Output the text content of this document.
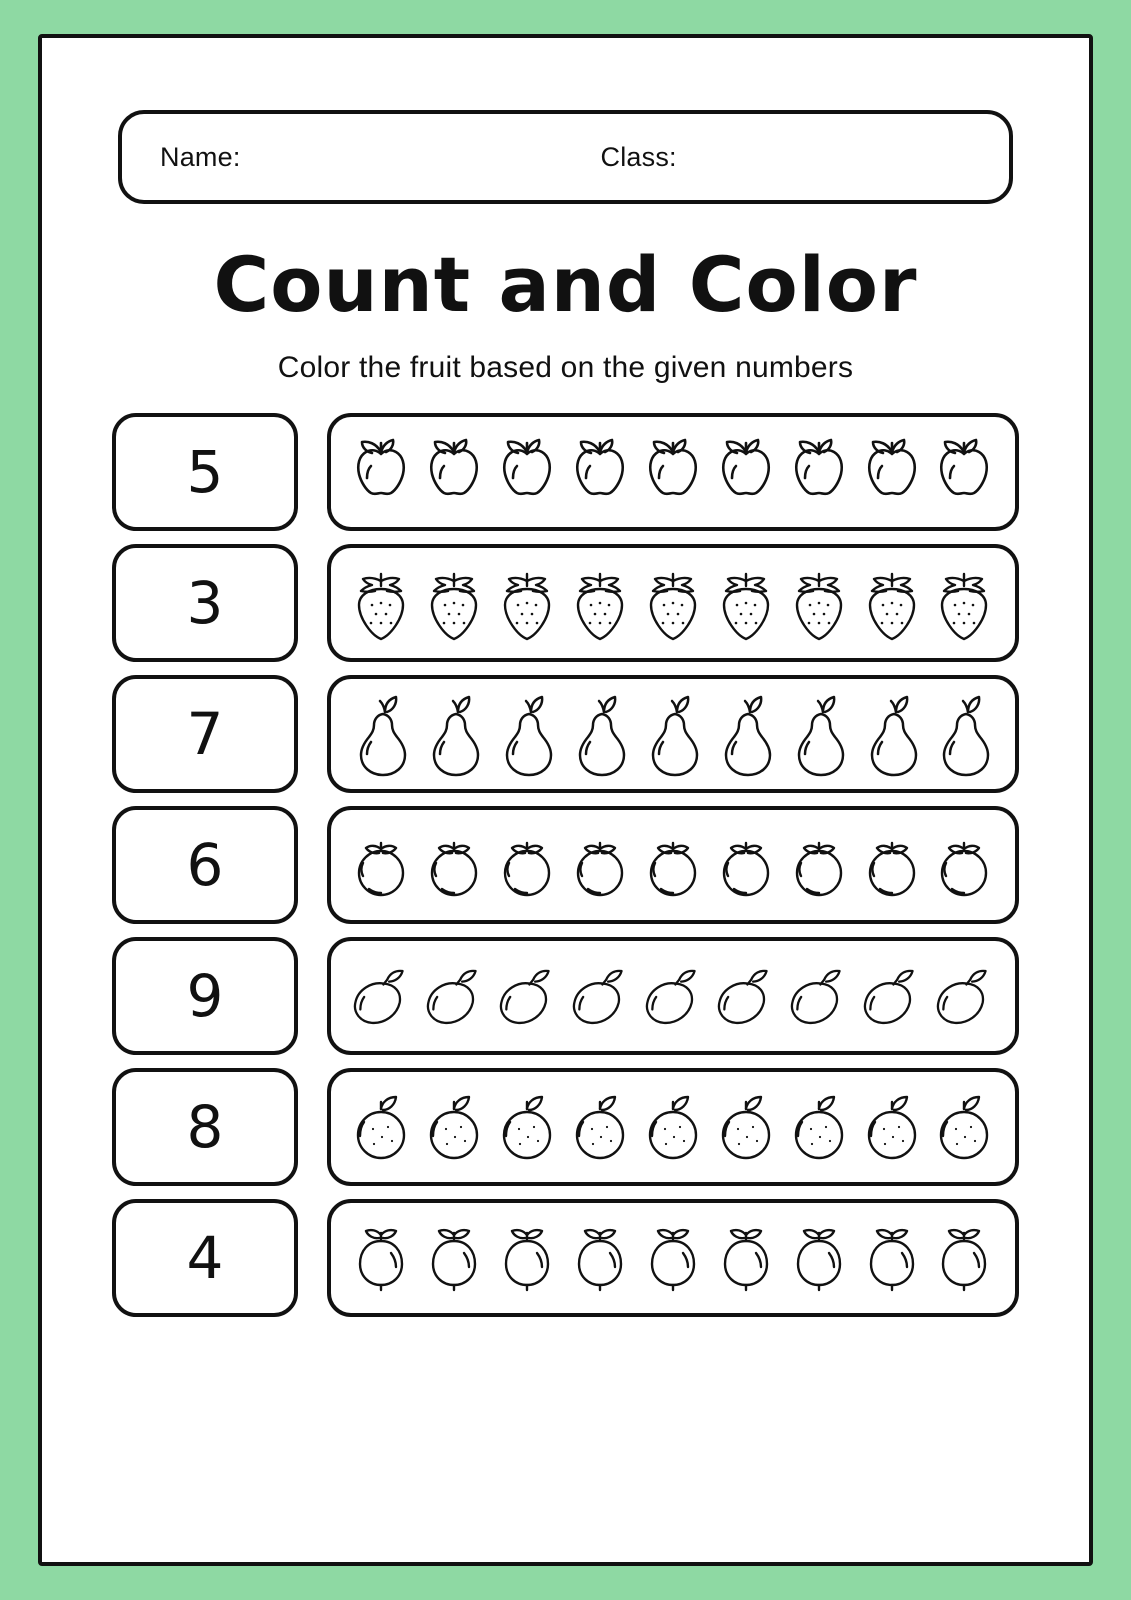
Name:	Class:
Count and Color
Color the fruit based on the given numbers
5
3
7
6
9
8
4
